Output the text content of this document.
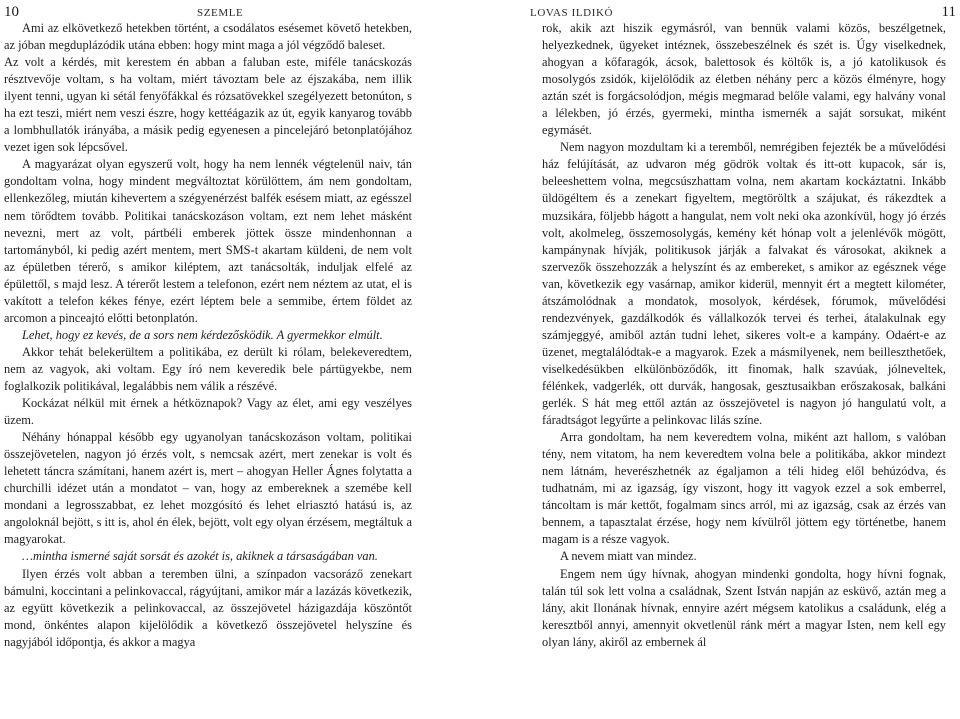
10	SZEMLE

Ami az elkövetkező hetekben történt, a csodálatos esésemet követő hetekben, az jóban megduplázódik utána ebben: hogy mint maga a jól végződő baleset.

Az volt a kérdés, mit kerestem én abban a faluban este, miféle tanácskozás résztvevője voltam, s ha voltam, miért távoztam bele az éjszakába, nem illik ilyent tenni, ugyan ki sétál fenyőfákkal és rózsatövekkel szegélyezett betonúton, s ha ezt teszi, miért nem veszi észre, hogy kettéágazik az út, egyik kanyarog tovább a lombhullatók irányába, a másik pedig egyenesen a pincelejáró betonplatójához vezet igen sok lépcsővel.

A magyarázat olyan egyszerű volt, hogy ha nem lennék végtelenül naiv, tán gondoltam volna, hogy mindent megváltoztat körülöttem, ám nem gondoltam, ellenkezőleg, miután kihevertem a szégyenérzést balfék esésem miatt, az egésszel nem törődtem tovább. Politikai tanácskozáson voltam, ezt nem lehet másként nevezni, mert az volt, pártbéli emberek jöttek össze mindenhonnan a tartományból, ki pedig azért mentem, mert SMS-t akartam küldeni, de nem volt az épületben térerő, s amikor kiléptem, azt tanácsolták, induljak elfelé az épülettől, s majd lesz. A térerőt lestem a telefonon, ezért nem néztem az utat, el is vakított a telefon kékes fénye, ezért léptem bele a semmibe, értem földet az arcomon a pinceajtó előtti betonplatón.

Lehet, hogy ez kevés, de a sors nem kérdezősködik. A gyermekkor elmúlt.

Akkor tehát belekerültem a politikába, ez derült ki rólam, belekeveredtem, nem az vagyok, aki voltam. Egy író nem keveredik bele pártügyekbe, nem foglalkozik politikával, legalábbis nem válik a részévé.

Kockázat nélkül mit érnek a hétköznapok? Vagy az élet, ami egy veszélyes üzem.

Néhány hónappal később egy ugyanolyan tanácskozáson voltam, politikai összejövetelen, nagyon jó érzés volt, s nemcsak azért, mert zenekar is volt és lehetett táncra számítani, hanem azért is, mert – ahogyan Heller Ágnes folytatta a churchilli idézet után a mondatot – van, hogy az embereknek a szemébe kell mondani a legrosszabbat, ez lehet mozgósító és lehet elriasztó hatású is, az angoloknál bejött, s itt is, ahol én élek, bejött, volt egy olyan érzésem, megtáltuk a magyarokat.

…mintha ismerné saját sorsát és azokét is, akiknek a társaságában van.

Ilyen érzés volt abban a teremben ülni, a színpadon vacsoráző zenekart bámulni, koccintani a pelinkovaccal, rágyújtani, amikor már a lazázás következik, az együtt következik a pelinkovaccal, az összejövetel házigazdája köszöntőt mond, önkéntes alapon kijelölődik a következő összejövetel helyszíne és nagyjából időpontja, és akkor a magya

LOVAS ILDIKÓ	11

rok, akik azt hiszik egymásról, van bennük valami közös, beszélgetnek, helyezkednek, ügyeket intéznek, összebeszélnek és szét is. Úgy viselkednek, ahogyan a kőfaragók, ácsok, balettosok és költők is, a jó katolikusok és mosolygós zsidók, kijelölődik az életben néhány perc a közös élményre, hogy aztán szét is forgácsolódjon, mégis megmarad belőle valami, egy halvány vonal a lélekben, jó érzés, gyermeki, mintha ismernék a saját sorsukat, miként egymásét.

Nem nagyon mozdultam ki a teremből, nemrégiben fejezték be a művelődési ház felújítását, az udvaron még gödrök voltak és itt-ott kupacok, sár is, beleeshettem volna, megcsúszhattam volna, nem akartam kockáztatni. Inkább üldögéltem és a zenekart figyeltem, megtöröltk a szájukat, és rákezdtek a muzsikára, följebb hágott a hangulat, nem volt neki oka azonkívül, hogy jó érzés volt, akolmeleg, összemosolygás, kemény két hónap volt a jelenlévők mögött, kampánynak hívják, politikusok járják a falvakat és városokat, akiknek a szervezők összehozzák a helyszínt és az embereket, s amikor az egésznek vége van, következik egy vasárnap, amikor kiderül, mennyit ért a megtett kilométer, átszámolódnak a mondatok, mosolyok, kérdések, fórumok, művelődési rendezvények, gazdálkodók és vállalkozók tervei és terhei, átalakulnak egy számjeggyé, amiből aztán tudni lehet, sikeres volt-e a kampány. Odaért-e az üzenet, megtalálódtak-e a magyarok. Ezek a másmilyenek, nem beilleszthetőek, viselkedésükben elkülönböződők, itt finomak, halk szavúak, jólneveltek, félénkek, vadgerlék, ott durvák, hangosak, gesztusaikban erőszakosak, balkáni gerlék. S hát meg ettől aztán az összejövetel is nagyon jó hangulatú volt, a fáradtságot legyűrte a pelinkovac lilás színe.

Arra gondoltam, ha nem keveredtem volna, miként azt hallom, s valóban tény, nem vitatom, ha nem keveredtem volna bele a politikába, akkor mindezt nem látnám, heverészhetnék az égaljamon a téli hideg elől behúzódva, és tudhatnám, mi az igazság, így viszont, hogy itt vagyok ezzel a sok emberrel, táncoltam is már kettőt, fogalmam sincs arról, mi az igazság, csak az érzés van bennem, a tapasztalat érzése, hogy nem kívülről jöttem egy történetbe, hanem magam is a része vagyok.

A nevem miatt van mindez.

Engem nem úgy hívnak, ahogyan mindenki gondolta, hogy hívni fognak, talán túl sok lett volna a családnak, Szent István napján az esküvő, aztán meg a lány, akit Ilonának hívnak, ennyire azért mégsem katolikus a családunk, elég a keresztből annyi, amennyit okvetlenül ránk mért a magyar Isten, nem kell egy olyan lány, akiről az embernek ál
